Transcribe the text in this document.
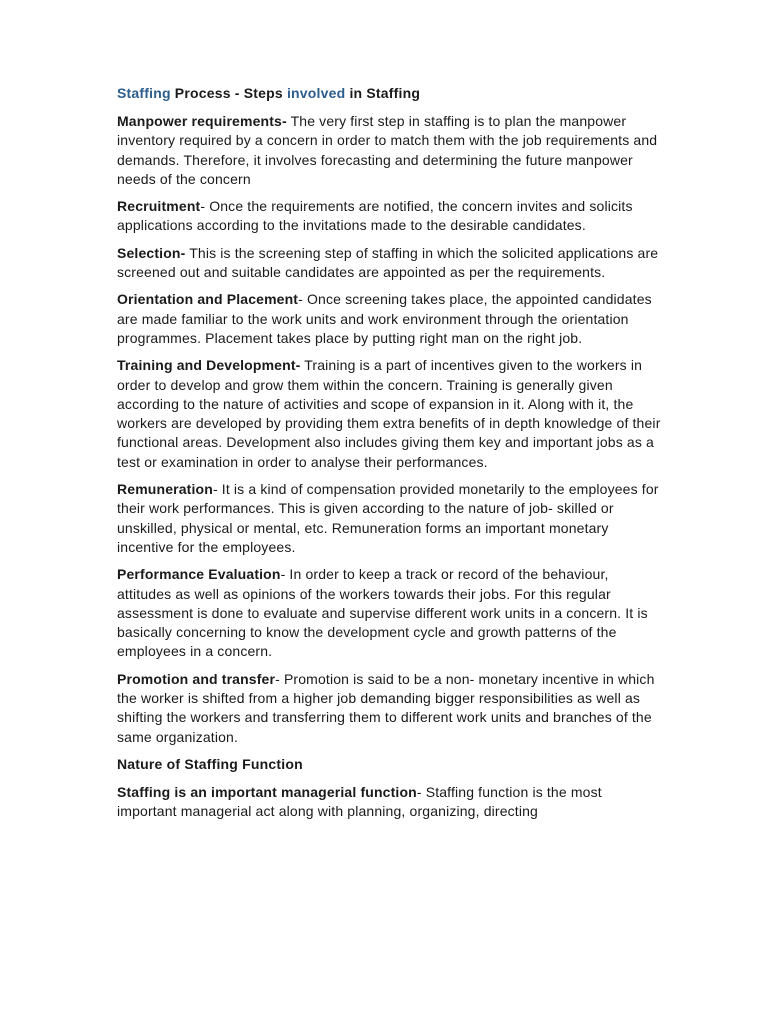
Staffing Process - Steps involved in Staffing

Manpower requirements- The very first step in staffing is to plan the manpower inventory required by a concern in order to match them with the job requirements and demands. Therefore, it involves forecasting and determining the future manpower needs of the concern

Recruitment- Once the requirements are notified, the concern invites and solicits applications according to the invitations made to the desirable candidates.

Selection- This is the screening step of staffing in which the solicited applications are screened out and suitable candidates are appointed as per the requirements.

Orientation and Placement- Once screening takes place, the appointed candidates are made familiar to the work units and work environment through the orientation programmes. Placement takes place by putting right man on the right job.

Training and Development- Training is a part of incentives given to the workers in order to develop and grow them within the concern. Training is generally given according to the nature of activities and scope of expansion in it. Along with it, the workers are developed by providing them extra benefits of in depth knowledge of their functional areas. Development also includes giving them key and important jobs as a test or examination in order to analyse their performances.

Remuneration- It is a kind of compensation provided monetarily to the employees for their work performances. This is given according to the nature of job- skilled or unskilled, physical or mental, etc. Remuneration forms an important monetary incentive for the employees.

Performance Evaluation- In order to keep a track or record of the behaviour, attitudes as well as opinions of the workers towards their jobs. For this regular assessment is done to evaluate and supervise different work units in a concern. It is basically concerning to know the development cycle and growth patterns of the employees in a concern.

Promotion and transfer- Promotion is said to be a non- monetary incentive in which the worker is shifted from a higher job demanding bigger responsibilities as well as shifting the workers and transferring them to different work units and branches of the same organization.

Nature of Staffing Function

Staffing is an important managerial function- Staffing function is the most important managerial act along with planning, organizing, directing
